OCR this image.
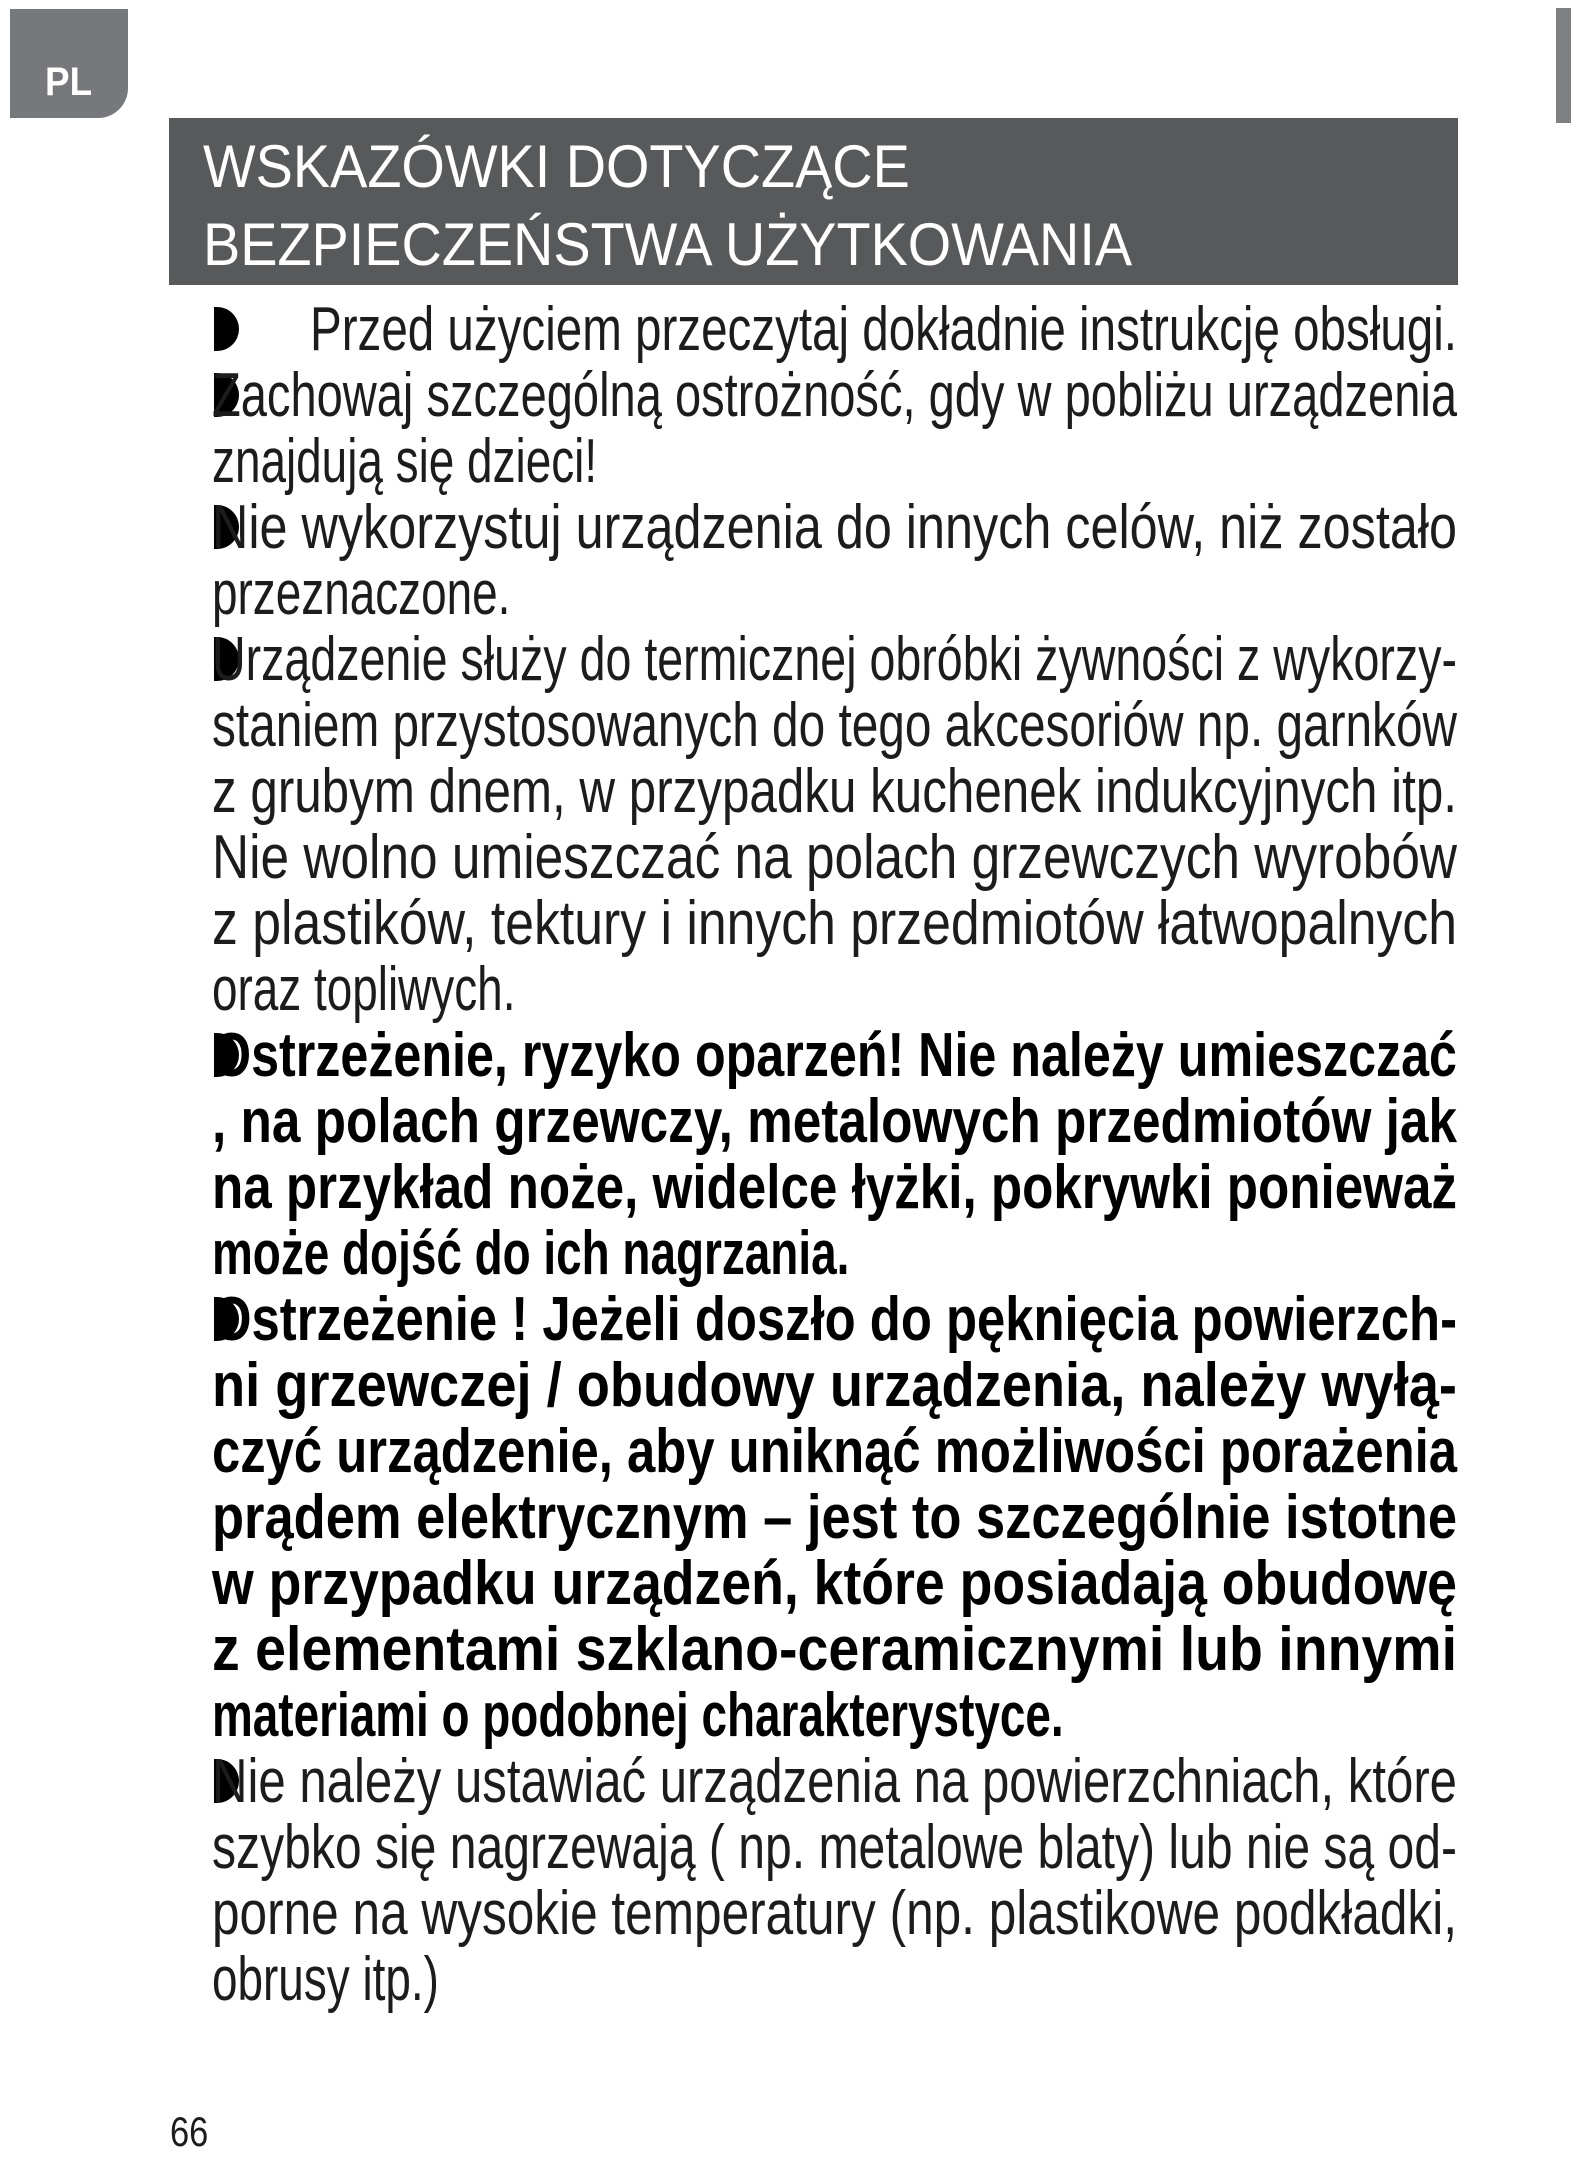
PL
WSKAZÓWKI DOTYCZĄCE
BEZPIECZEŃSTWA UŻYTKOWANIA
Przed użyciem przeczytaj dokładnie instrukcję obsługi.
Zachowaj szczególną ostrożność, gdy w pobliżu urządzenia
znajdują się dzieci!
Nie wykorzystuj urządzenia do innych celów, niż zostało
przeznaczone.
Urządzenie służy do termicznej obróbki żywności z wykorzy-
staniem przystosowanych do tego akcesoriów np. garnków
z grubym dnem, w przypadku kuchenek indukcyjnych itp.
Nie wolno umieszczać na polach grzewczych wyrobów
z plastików, tektury i innych przedmiotów łatwopalnych
oraz topliwych.
Ostrzeżenie, ryzyko oparzeń! Nie należy umieszczać
, na polach grzewczy, metalowych przedmiotów jak
na przykład noże, widelce łyżki, pokrywki ponieważ
może dojść do ich nagrzania.
Ostrzeżenie ! Jeżeli doszło do pęknięcia powierzch-
ni grzewczej / obudowy urządzenia, należy wyłą-
czyć urządzenie, aby uniknąć możliwości porażenia
prądem elektrycznym – jest to szczególnie istotne
w przypadku urządzeń, które posiadają obudowę
z elementami szklano-ceramicznymi lub innymi
materiami o podobnej charakterystyce.
Nie należy ustawiać urządzenia na powierzchniach, które
szybko się nagrzewają ( np. metalowe blaty) lub nie są od-
porne na wysokie temperatury (np. plastikowe podkładki,
obrusy itp.)
66
